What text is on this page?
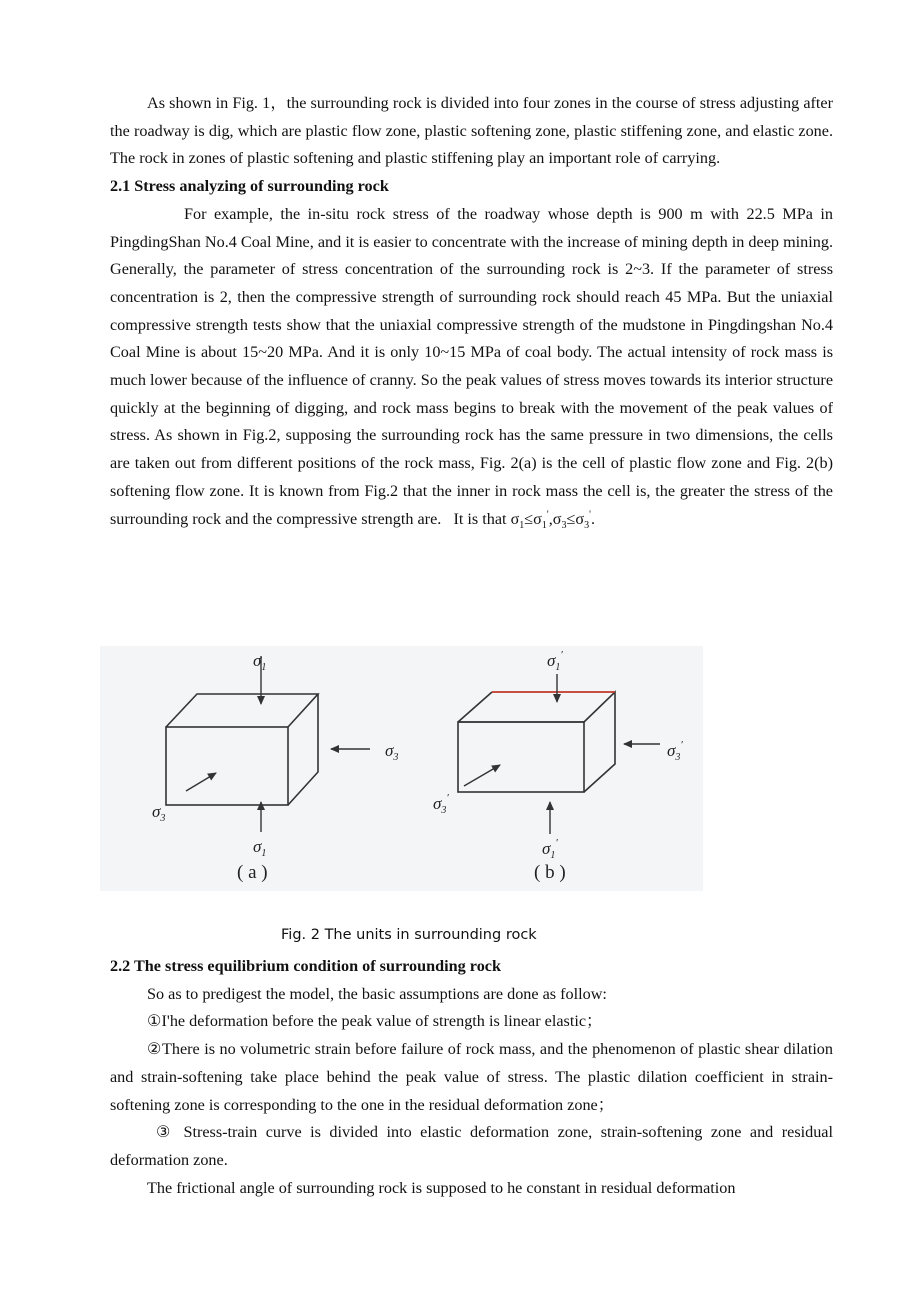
As shown in Fig. 1，the surrounding rock is divided into four zones in the course of stress adjusting after the roadway is dig, which are plastic flow zone, plastic softening zone, plastic stiffening zone, and elastic zone. The rock in zones of plastic softening and plastic stiffening play an important role of carrying.

2.1 Stress analyzing of surrounding rock

For example, the in-situ rock stress of the roadway whose depth is 900 m with 22.5 MPa in PingdingShan No.4 Coal Mine, and it is easier to concentrate with the increase of mining depth in deep mining. Generally, the parameter of stress concentration of the surrounding rock is 2~3. If the parameter of stress concentration is 2, then the compressive strength of surrounding rock should reach 45 MPa. But the uniaxial compressive strength tests show that the uniaxial compressive strength of the mudstone in Pingdingshan No.4 Coal Mine is about 15~20 MPa. And it is only 10~15 MPa of coal body. The actual intensity of rock mass is much lower because of the influence of cranny. So the peak values of stress moves towards its interior structure quickly at the beginning of digging, and rock mass begins to break with the movement of the peak values of stress. As shown in Fig.2, supposing the surrounding rock has the same pressure in two dimensions, the cells are taken out from different positions of the rock mass, Fig. 2(a) is the cell of plastic flow zone and Fig. 2(b) softening flow zone. It is known from Fig.2 that the inner in rock mass the cell is, the greater the stress of the surrounding rock and the compressive strength are. It is that $\sigma_1\le\sigma_1',\sigma_3\le\sigma_3'$.

$\sigma_1$
$\sigma_3$
$\sigma_3$
$\sigma_1$
( a )
$\sigma_1'$
$\sigma_3'$
$\sigma_3'$
$\sigma_1'$
( b )
Fig. 2 The units in surrounding rock

2.2 The stress equilibrium condition of surrounding rock

So as to predigest the model, the basic assumptions are done as follow:

①I'he deformation before the peak value of strength is linear elastic；

②There is no volumetric strain before failure of rock mass, and the phenomenon of plastic shear dilation and strain-softening take place behind the peak value of stress. The plastic dilation coefficient in strain-softening zone is corresponding to the one in the residual deformation zone；

③ Stress-train curve is divided into elastic deformation zone, strain-softening zone and residual deformation zone.

The frictional angle of surrounding rock is supposed to he constant in residual deformation
